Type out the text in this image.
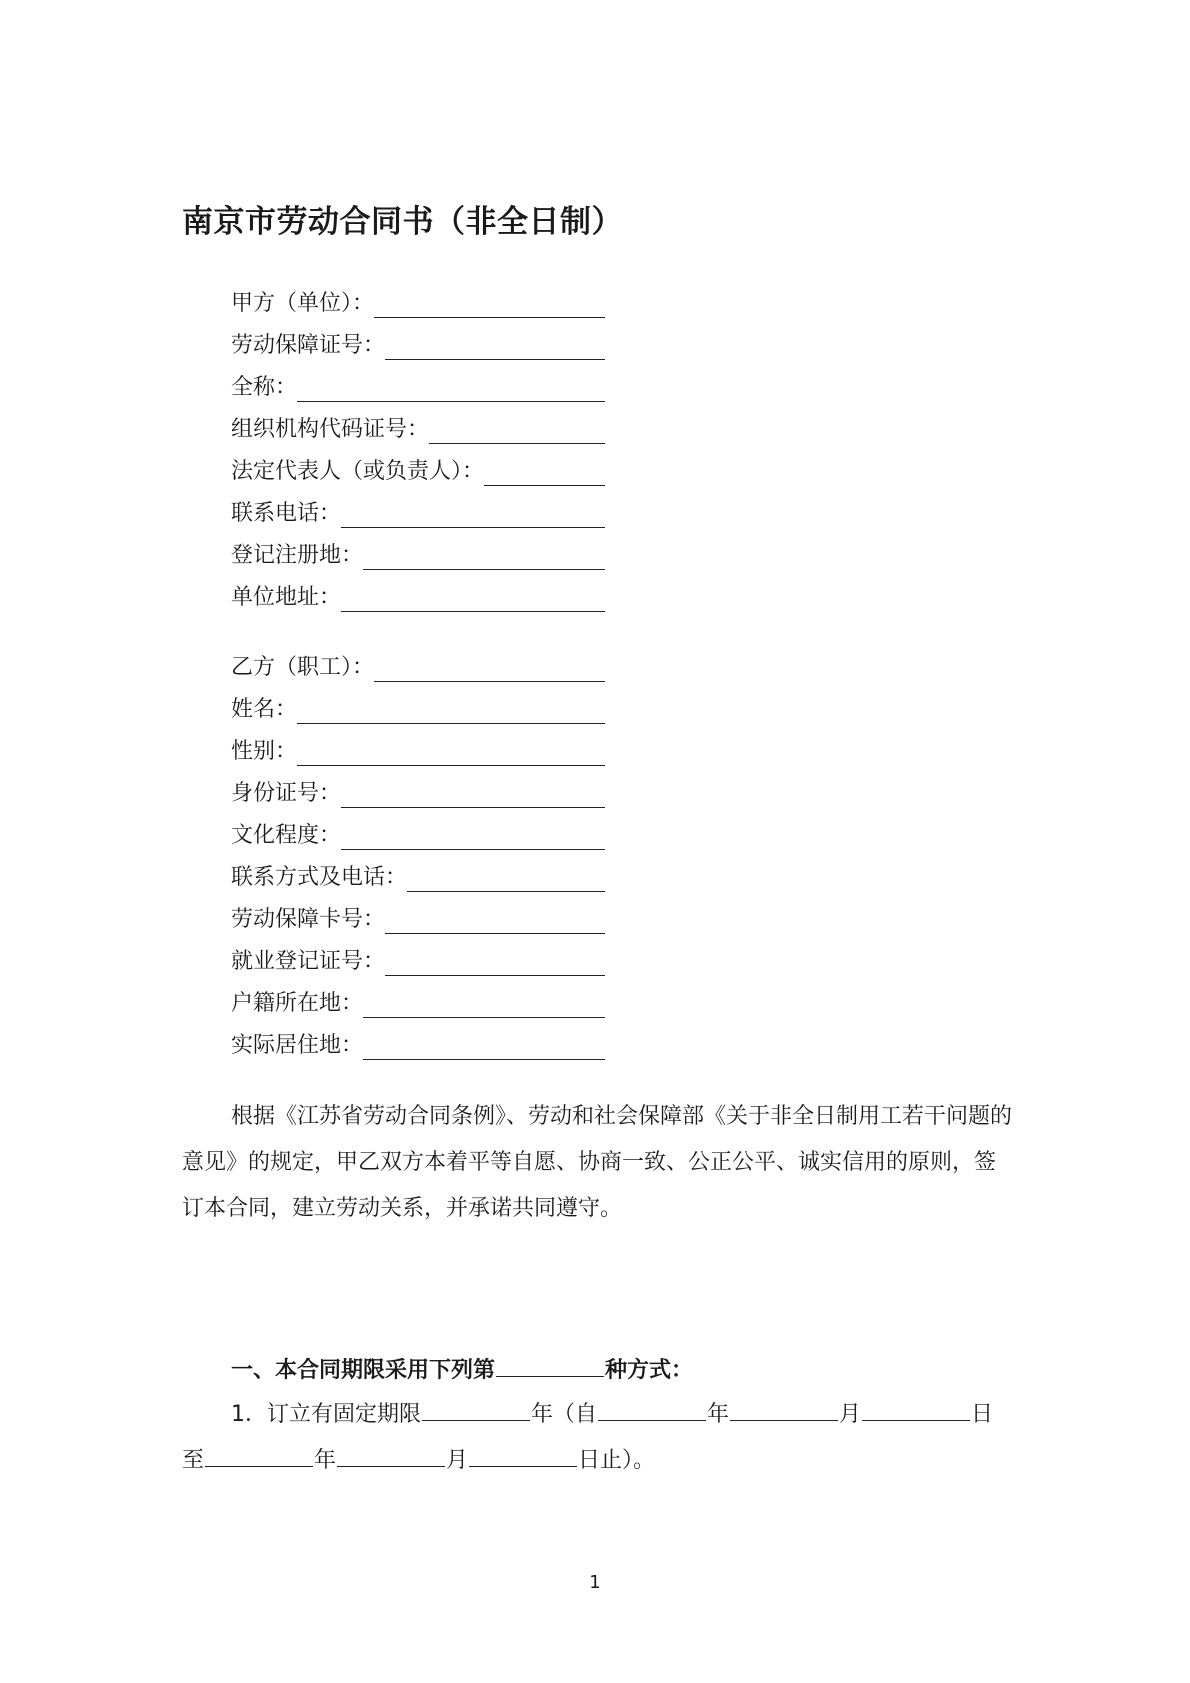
南京市劳动合同书（非全日制）
甲方（单位）：
劳动保障证号：
全称：
组织机构代码证号：
法定代表人（或负责人）：
联系电话：
登记注册地：
单位地址：
乙方（职工）：
姓名：
性别：
身份证号：
文化程度：
联系方式及电话：
劳动保障卡号：
就业登记证号：
户籍所在地：
实际居住地：

根据《江苏省劳动合同条例》、劳动和社会保障部《关于非全日制用工若干问题的意见》的规定，甲乙双方本着平等自愿、协商一致、公正公平、诚实信用的原则，签订本合同，建立劳动关系，并承诺共同遵守。

一、本合同期限采用下列第	种方式：
1．订立有固定期限	年（自	年	月	日
至	年	月	日止）。
1
